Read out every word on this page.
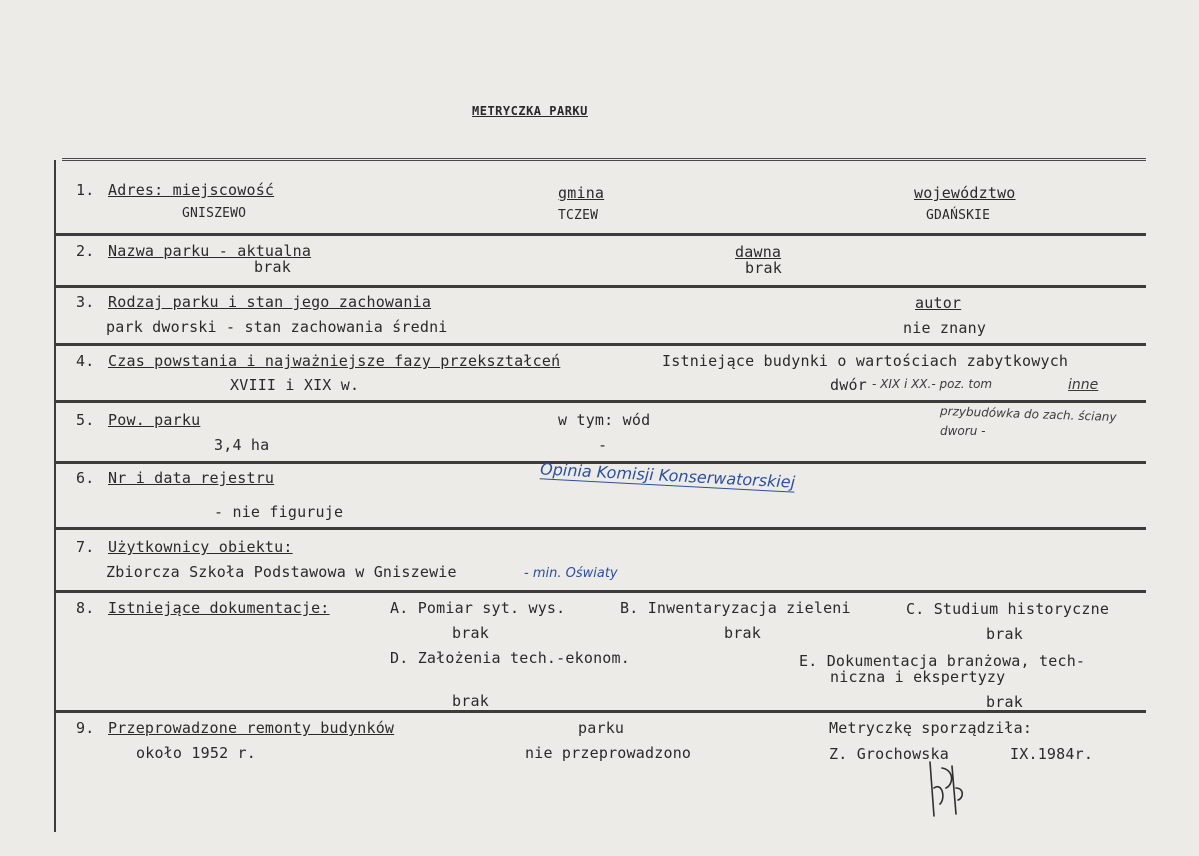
METRYCZKA PARKU
1. Adres: miejscowość
GNISZEWO
gmina
TCZEW
województwo
GDAŃSKIE
2. Nazwa parku - aktualna
brak
dawna
brak
3. Rodzaj parku i stan jego zachowania
park dworski - stan zachowania średni
autor
nie znany
4. Czas powstania i najważniejsze fazy przekształceń
XVIII i XIX w.
Istniejące budynki o wartościach zabytkowych
dwór - XIX i XX.- poz. tom	inne
przybudówka do zach. ściany
dworu -
5. Pow. parku
3,4 ha
w tym: wód
-
6. Nr i data rejestru
- nie figuruje
Opinia Komisji Konserwatorskiej
7. Użytkownicy obiektu:
Zbiorcza Szkoła Podstawowa w Gniszewie	- min. Oświaty
8. Istniejące dokumentacje:	A. Pomiar syt. wys.
brak
B. Inwentaryzacja zieleni
brak
C. Studium historyczne
brak
D. Założenia tech.-ekonom.
brak
E. Dokumentacja branżowa, tech-
niczna i ekspertyzy
brak
9. Przeprowadzone remonty budynków
około 1952 r.
parku
nie przeprowadzono
Metryczkę sporządziła:
Z. Grochowska	IX.1984r.
